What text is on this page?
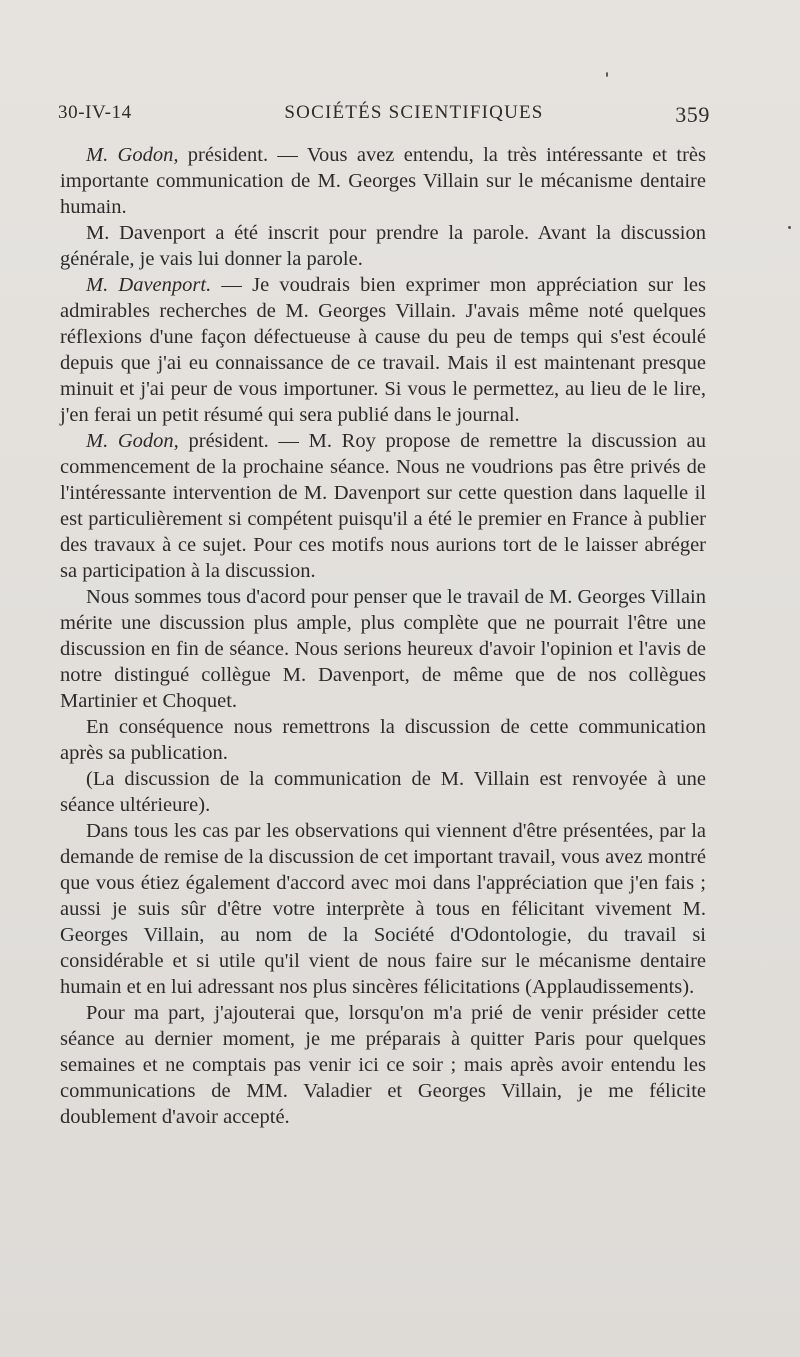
30-IV-14	SOCIÉTÉS SCIENTIFIQUES	359

M. Godon, président. — Vous avez entendu, la très intéressante et très importante communication de M. Georges Villain sur le mécanisme dentaire humain.

M. Davenport a été inscrit pour prendre la parole. Avant la discussion générale, je vais lui donner la parole.

M. Davenport. — Je voudrais bien exprimer mon appréciation sur les admirables recherches de M. Georges Villain. J'avais même noté quelques réflexions d'une façon défectueuse à cause du peu de temps qui s'est écoulé depuis que j'ai eu connaissance de ce travail. Mais il est maintenant presque minuit et j'ai peur de vous importuner. Si vous le permettez, au lieu de le lire, j'en ferai un petit résumé qui sera publié dans le journal.

M. Godon, président. — M. Roy propose de remettre la discussion au commencement de la prochaine séance. Nous ne voudrions pas être privés de l'intéressante intervention de M. Davenport sur cette question dans laquelle il est particulièrement si compétent puisqu'il a été le premier en France à publier des travaux à ce sujet. Pour ces motifs nous aurions tort de le laisser abréger sa participation à la discussion.

Nous sommes tous d'acord pour penser que le travail de M. Georges Villain mérite une discussion plus ample, plus complète que ne pourrait l'être une discussion en fin de séance. Nous serions heureux d'avoir l'opinion et l'avis de notre distingué collègue M. Davenport, de même que de nos collègues Martinier et Choquet.

En conséquence nous remettrons la discussion de cette communication après sa publication.

(La discussion de la communication de M. Villain est renvoyée à une séance ultérieure).

Dans tous les cas par les observations qui viennent d'être présentées, par la demande de remise de la discussion de cet important travail, vous avez montré que vous étiez également d'accord avec moi dans l'appréciation que j'en fais ; aussi je suis sûr d'être votre interprète à tous en félicitant vivement M. Georges Villain, au nom de la Société d'Odontologie, du travail si considérable et si utile qu'il vient de nous faire sur le mécanisme dentaire humain et en lui adressant nos plus sincères félicitations (Applaudissements).

Pour ma part, j'ajouterai que, lorsqu'on m'a prié de venir présider cette séance au dernier moment, je me préparais à quitter Paris pour quelques semaines et ne comptais pas venir ici ce soir ; mais après avoir entendu les communications de MM. Valadier et Georges Villain, je me félicite doublement d'avoir accepté.
